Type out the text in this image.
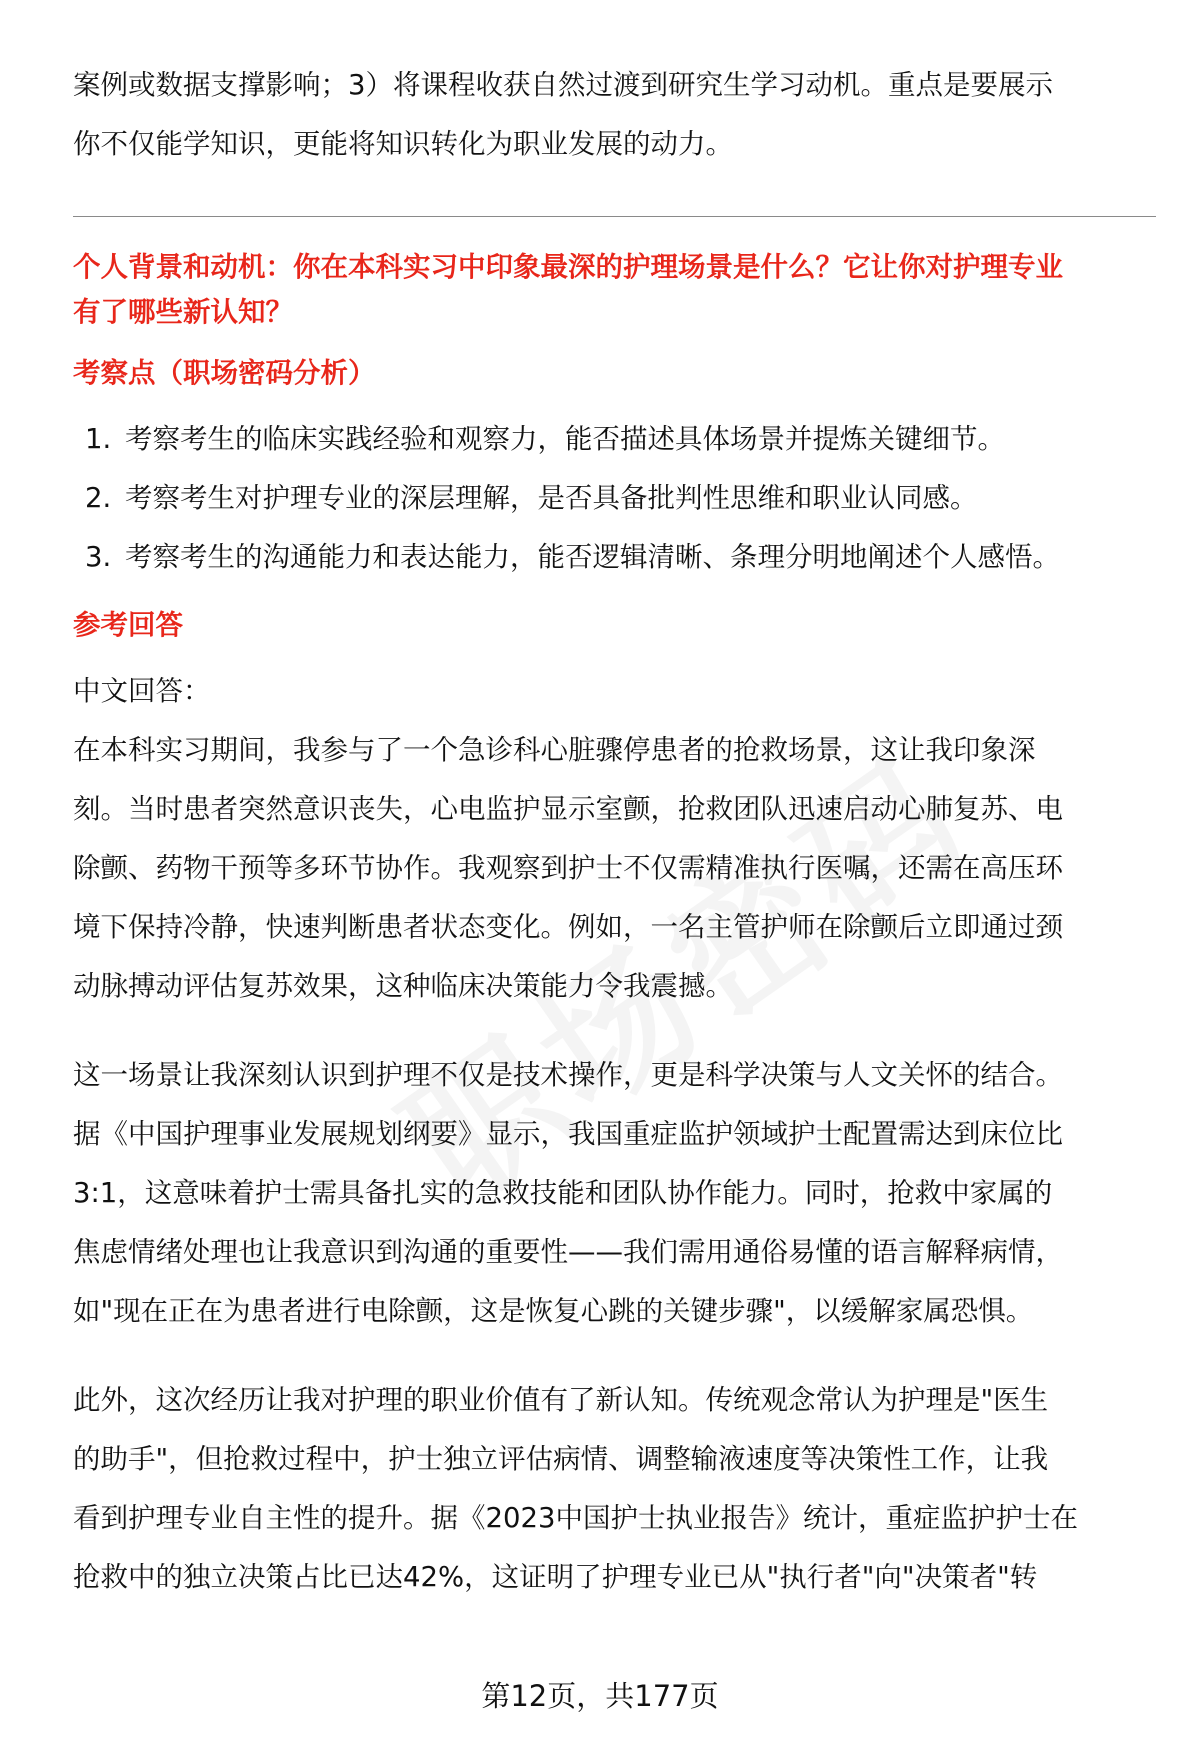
案例或数据支撑影响；3）将课程收获自然过渡到研究生学习动机。重点是要展示

你不仅能学知识，更能将知识转化为职业发展的动力。

个人背景和动机：你在本科实习中印象最深的护理场景是什么？它让你对护理专业

有了哪些新认知？

考察点（职场密码分析）

1. 考察考生的临床实践经验和观察力，能否描述具体场景并提炼关键细节。
2. 考察考生对护理专业的深层理解，是否具备批判性思维和职业认同感。
3. 考察考生的沟通能力和表达能力，能否逻辑清晰、条理分明地阐述个人感悟。

参考回答

中文回答：

在本科实习期间，我参与了一个急诊科心脏骤停患者的抢救场景，这让我印象深

刻。当时患者突然意识丧失，心电监护显示室颤，抢救团队迅速启动心肺复苏、电

除颤、药物干预等多环节协作。我观察到护士不仅需精准执行医嘱，还需在高压环

境下保持冷静，快速判断患者状态变化。例如，一名主管护师在除颤后立即通过颈

动脉搏动评估复苏效果，这种临床决策能力令我震撼。

这一场景让我深刻认识到护理不仅是技术操作，更是科学决策与人文关怀的结合。

据《中国护理事业发展规划纲要》显示，我国重症监护领域护士配置需达到床位比

3:1，这意味着护士需具备扎实的急救技能和团队协作能力。同时，抢救中家属的

焦虑情绪处理也让我意识到沟通的重要性——我们需用通俗易懂的语言解释病情，

如"现在正在为患者进行电除颤，这是恢复心跳的关键步骤"，以缓解家属恐惧。

此外，这次经历让我对护理的职业价值有了新认知。传统观念常认为护理是"医生

的助手"，但抢救过程中，护士独立评估病情、调整输液速度等决策性工作，让我

看到护理专业自主性的提升。据《2023中国护士执业报告》统计，重症监护护士在

抢救中的独立决策占比已达42%，这证明了护理专业已从"执行者"向"决策者"转

第12页，共177页
